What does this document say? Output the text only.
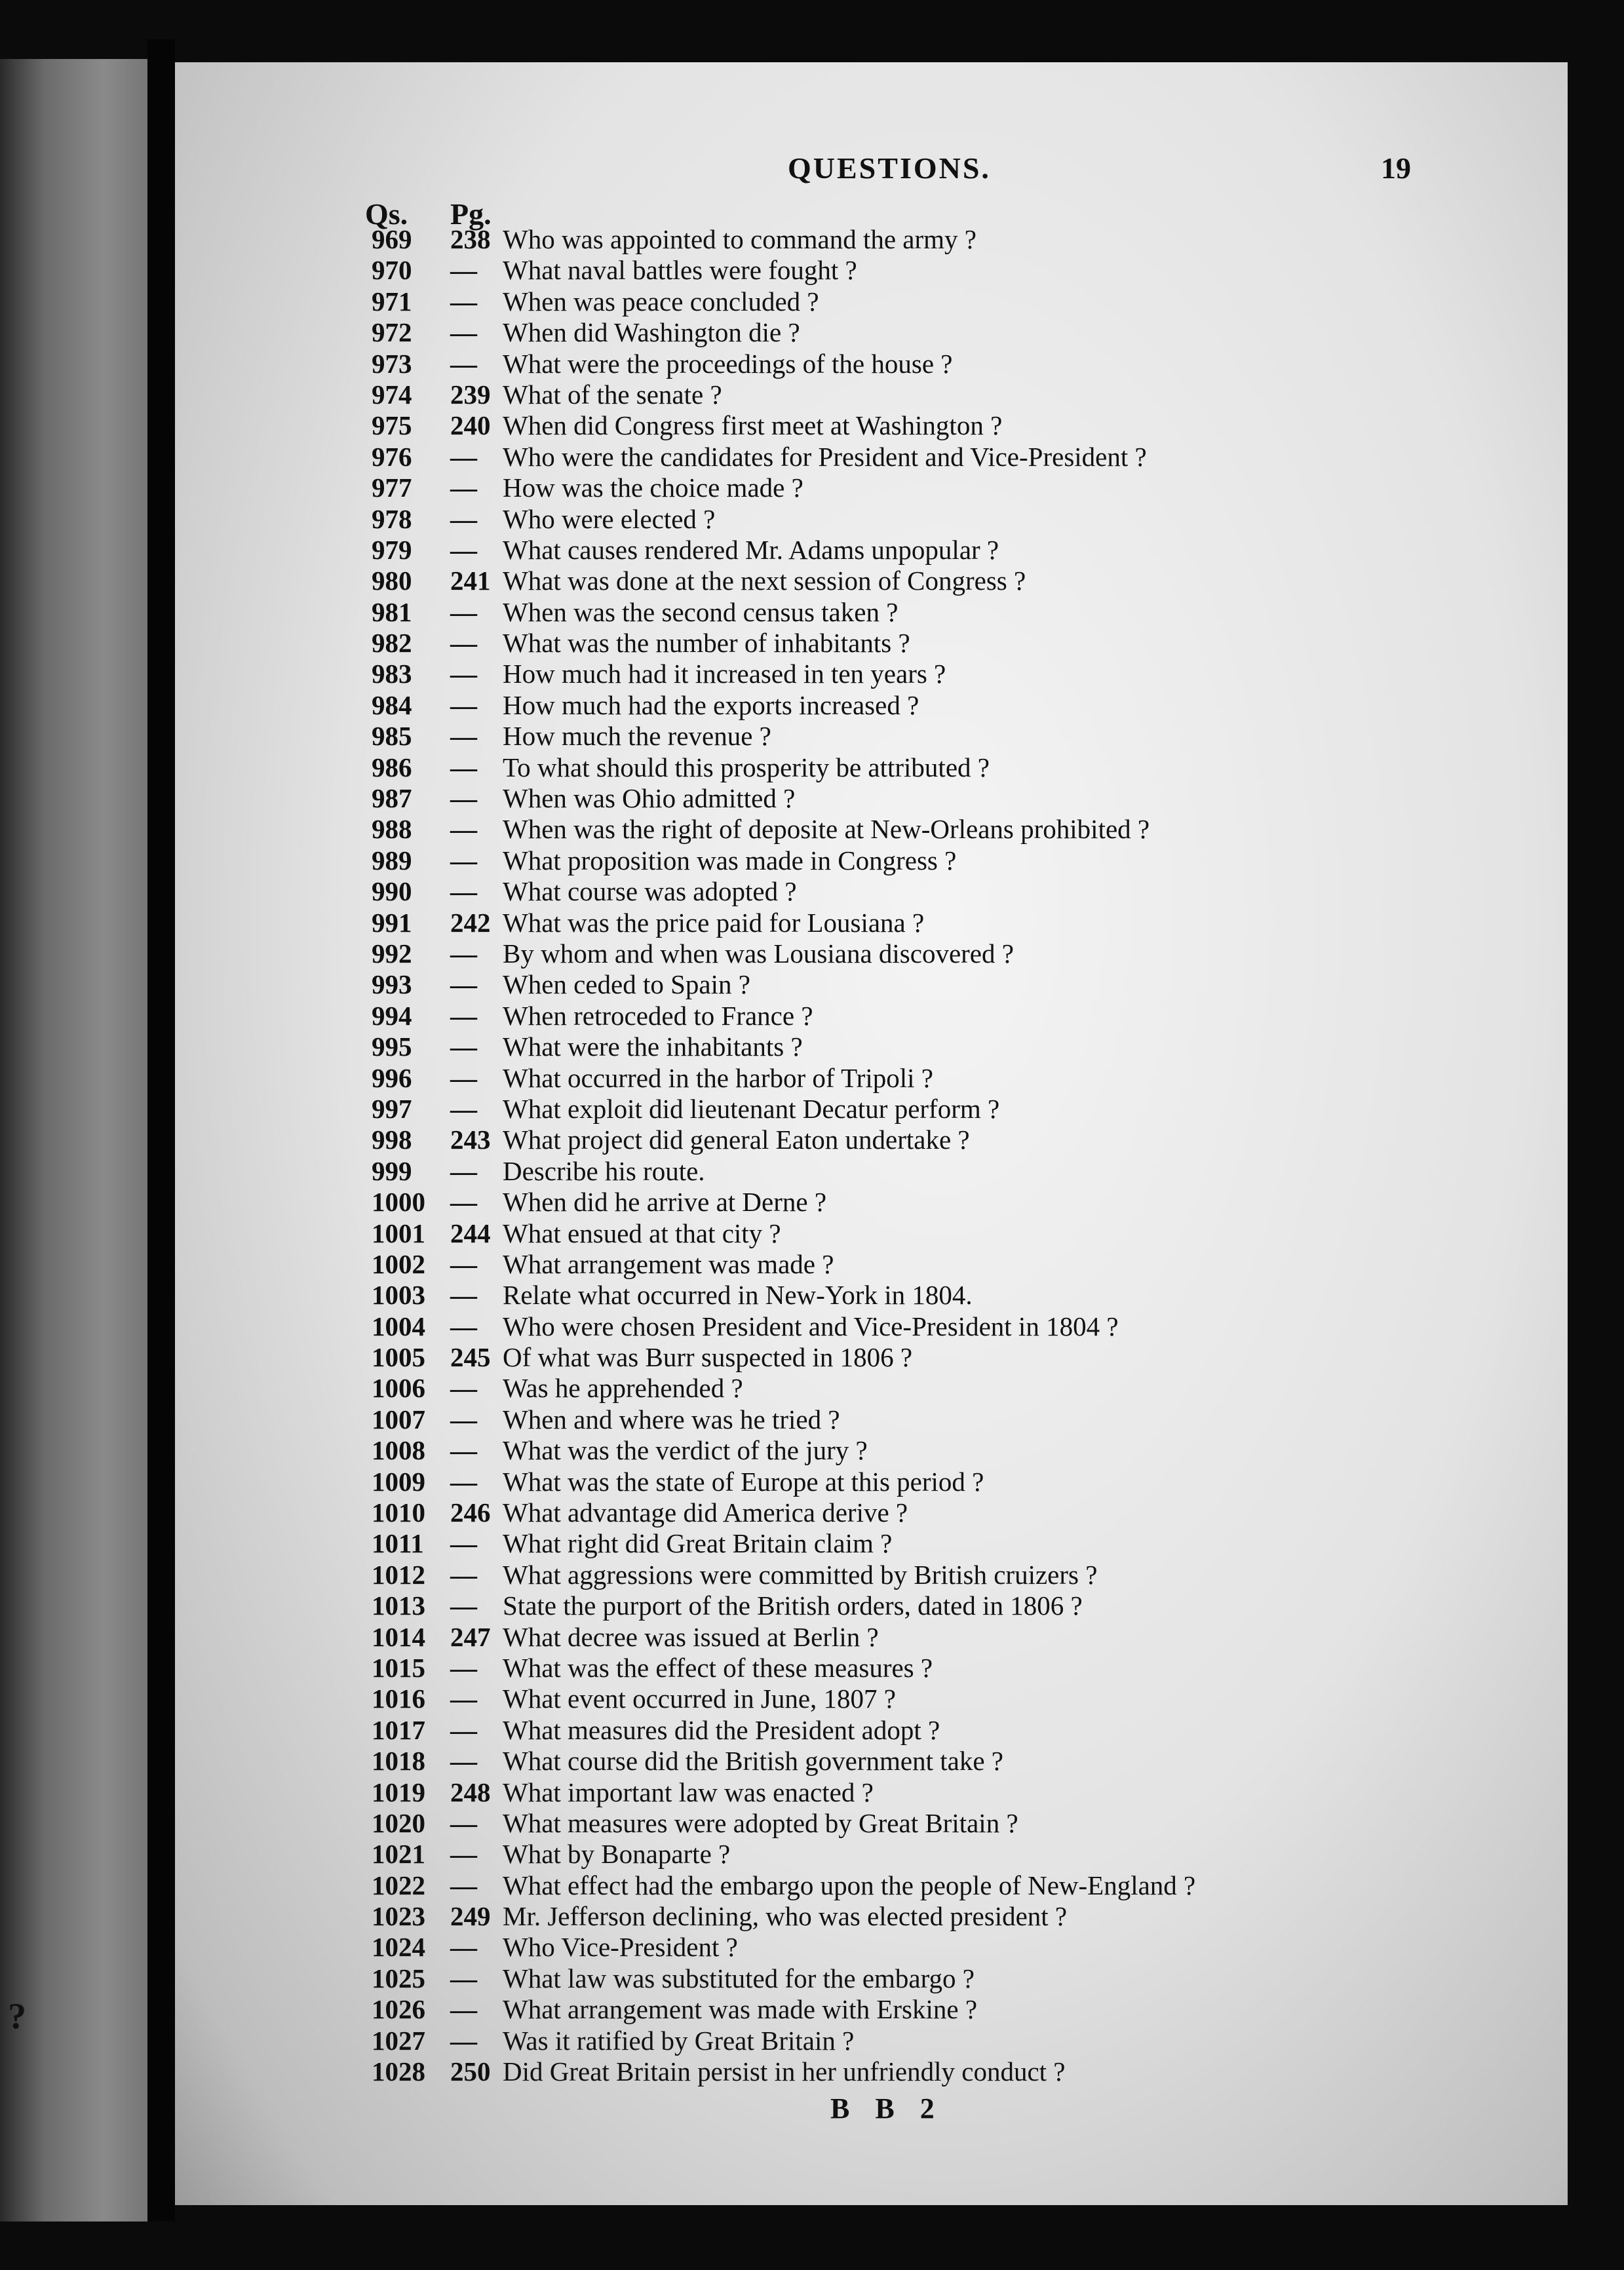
?
QUESTIONS.	19
Qs. Pg.
969	238 Who was appointed to command the army ?
970	— What naval battles were fought ?
971	— When was peace concluded ?
972	— When did Washington die ?
973	— What were the proceedings of the house ?
974	239 What of the senate ?
975	240 When did Congress first meet at Washington ?
976	— Who were the candidates for President and Vice-President ?
977	— How was the choice made ?
978	— Who were elected ?
979	— What causes rendered Mr. Adams unpopular ?
980	241 What was done at the next session of Congress ?
981	— When was the second census taken ?
982	— What was the number of inhabitants ?
983	— How much had it increased in ten years ?
984	— How much had the exports increased ?
985	— How much the revenue ?
986	— To what should this prosperity be attributed ?
987	— When was Ohio admitted ?
988	— When was the right of deposite at New-Orleans prohibited ?
989	— What proposition was made in Congress ?
990	— What course was adopted ?
991	242 What was the price paid for Lousiana ?
992	— By whom and when was Lousiana discovered ?
993	— When ceded to Spain ?
994	— When retroceded to France ?
995	— What were the inhabitants ?
996	— What occurred in the harbor of Tripoli ?
997	— What exploit did lieutenant Decatur perform ?
998	243 What project did general Eaton undertake ?
999	— Describe his route.
1000 — When did he arrive at Derne ?
1001 244 What ensued at that city ?
1002 — What arrangement was made ?
1003 — Relate what occurred in New-York in 1804.
1004 — Who were chosen President and Vice-President in 1804 ?
1005 245 Of what was Burr suspected in 1806 ?
1006 — Was he apprehended ?
1007 — When and where was he tried ?
1008 — What was the verdict of the jury ?
1009 — What was the state of Europe at this period ?
1010 246 What advantage did America derive ?
1011 — What right did Great Britain claim ?
1012 — What aggressions were committed by British cruizers ?
1013 — State the purport of the British orders, dated in 1806 ?
1014 247 What decree was issued at Berlin ?
1015 — What was the effect of these measures ?
1016 — What event occurred in June, 1807 ?
1017 — What measures did the President adopt ?
1018 — What course did the British government take ?
1019 248 What important law was enacted ?
1020 — What measures were adopted by Great Britain ?
1021 — What by Bonaparte ?
1022 — What effect had the embargo upon the people of New-England ?
1023 249 Mr. Jefferson declining, who was elected president ?
1024 — Who Vice-President ?
1025 — What law was substituted for the embargo ?
1026 — What arrangement was made with Erskine ?
1027 — Was it ratified by Great Britain ?
1028 250 Did Great Britain persist in her unfriendly conduct ?
B B 2
